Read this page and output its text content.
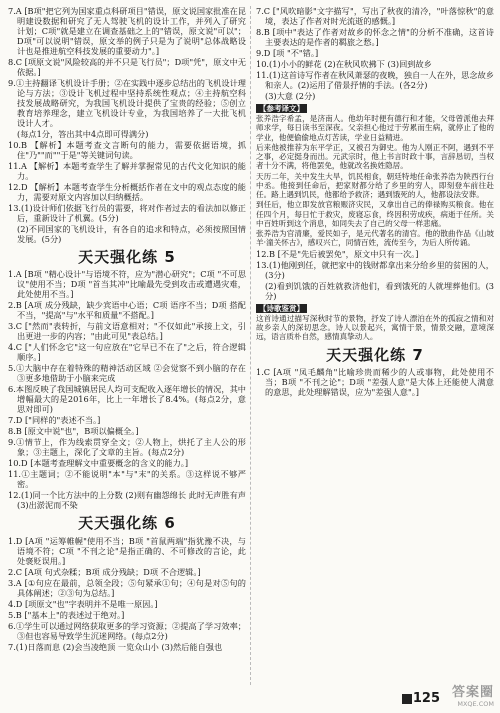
7.A [B项"把它列为国家重点科研项目"错误，原文说国家批准在昆明建设数据和研究了无人驾驶飞机的设计工作，并列入了研究计划；C项"就是建立在调查基础之上的"错误，原文说"可以"；D项"可以说明"错误，原文举的例子只是为了说明"总体战略设计也是推进航空科技发展的重要动力"。]

8.C [项原文说"风险较高的并不只是飞行员"；D项"凭"，原文中无依据。]

9.①主持翻译飞机设计手册；②在实践中逐步总结出的飞机设计理论与方法；③设计飞机过程中坚持系统性观点；④主持航空科技发展战略研究，为我国飞机设计提供了宝贵的经验；⑤创立教育培养理念，建立飞机设计专业，为我国培养了一大批飞机设计人才。

(每点1分，答出其中4点即可得满分)

10.B 【解析】本题考查文言断句的能力，需要依据语境，抓住"乃""而""于是"等关键词句读。

11.A 【解析】本题考查学生了解并掌握常见的古代文化知识的能力。

12.D 【解析】本题考查学生分析概括作者在文中的观点态度的能力，需要对原文内容加以归纳概括。

13.(1)设计师们依据飞行员的需要，将对作者过去的看法加以修正后，重新设计了机翼。(5分)

(2)不同国家的飞机设计，有各自的追求和特点，必须按照国情发展。(5分)

天天强化练 5

1.A [B项 "精心设计"与语境不符，应为"潜心研究"；C项 "不可思议"使用不当；D项 "首当其冲"比喻最先受到攻击或遭遇灾难，此处使用不当。]

2.B [A项 成分残缺，缺少宾语中心语；C项 语序不当；D项 搭配不当，"提高"与"水平和质量"不搭配。]

3.C ["然而"表转折，与前文语意相对；"不仅如此"承接上文，引出更进一步的内容；"由此可见"表总结。]

4.C ["人们怀念它"这一句应放在"它早已不在了"之后，符合逻辑顺序。]

5.①大脑中存在着特殊的精神活动区域 ②会觉察不到小脑的存在 ③更多地借助于小脑来完成

6.本图反映了我国城镇居民人均可支配收入逐年增长的情况，其中增幅最大的是2016年，比上一年增长了8.4%。(每点2分，意思对即可)

7.D ["同样的"表述不当。]

8.B [原文中说"也"，B项以偏概全。]

9.①情节上，作为线索贯穿全文；②人物上，烘托了主人公的形象；③主题上，深化了文章的主旨。(每点2分)

10.D [本题考查理解文中重要概念的含义的能力。]

11.①主题词；②不能说明"本"与"末"的关系。③这样说不够严密。

12.(1)同一个比方法中的上分数 (2)则有幽怨绵长 此时无声胜有声 (3)出淤泥而不染

天天强化练 6

1.D [A项 "运筹帷幄"使用不当；B项 "首鼠两端"指犹豫不决，与语境不符；C项 "不刊之论"是指正确的、不可修改的言论，此处褒贬误用。]

2.C [A项 句式杂糅；B项 成分残缺；D项 不合逻辑。]

3.A [①句应在最前，总领全段；⑤句紧承①句；④句是对⑤句的具体阐述；②③句为总结。]

4.D [项原文"也"字表明并不是唯一原因。]

5.B ["基本上"的表述过于绝对。]

6.①学生可以通过网络获取更多的学习资源；②提高了学习效率；③但也容易导致学生沉迷网络。(每点2分)

7.(1)日落而息 (2)会当凌绝顶 一览众山小 (3)然后能自强也

7.C ["风吹暗影"文字描写"，写出了秋夜的清冷，"叶落惊秋"的意境，表达了作者对时光流逝的感慨。]

8.B [项中"表达了作者对故乡的怀念之情"的分析不准确，这首诗主要表达的是作者的羁旅之愁。]

9.D [项 "不"错。]

10.(1)小小的鲜花 (2)在秋风吹拂下 (3)回到故乡

11.(1)这首诗写作者在秋风萧瑟的夜晚，独自一人在外，思念故乡和亲人。(2)运用了借景抒情的手法。(各2分)

(3)大意 (2分)

【参考译文】

张养浩字希孟，是济南人。他幼年时便有德行和才能，父母曾派他去拜师求学，每日读书至深夜。父亲担心他过于劳累而生病，就停止了他的学业，他便偷偷地点灯苦读，学业日益精进。

后来他被推荐为东平学正，又被召为御史。他为人刚正不阿，遇到不平之事，必定挺身而出。元武宗时，他上书言时政十事，言辞恳切，当权者十分不满，将他罢免，他就改名换姓隐居。

天历二年，关中发生大旱，饥民相食，朝廷特地任命张养浩为陕西行台中丞。他接到任命后，把家财都分给了乡里的穷人，即刻登车前往赴任。路上遇到饥民，他都给予救济；遇到饿死的人，他都设法安葬。

到任后，他立即发放官粮赈济灾民，又拿出自己的俸禄购买粮食。他在任四个月，每日忙于救灾，废寝忘食，终因积劳成疾，病逝于任所。关中百姓听到这个消息，如同失去了自己的父母一样悲痛。

张养浩为官清廉，爱民如子，是元代著名的清官。他的散曲作品《山坡羊·潼关怀古》，感叹兴亡，同情百姓，流传至今，为后人所传诵。

12.B [不是"先后被罢免"，原文中只有一次。]

13.(1)他刚到任，就把家中的钱财都拿出来分给乡里的贫困的人，(3分)

(2)看到饥饿的百姓就救济他们，看到饿死的人就埋葬他们。(3分)

【诗歌鉴赏】

这首诗通过描写深秋时节的景物，抒发了诗人漂泊在外的孤寂之情和对故乡亲人的深切思念。诗人以景起兴，寓情于景，情景交融，意境深远，语言质朴自然，感情真挚动人。

天天强化练 7

1.C [A项 "凤毛麟角"比喻珍贵而稀少的人或事物，此处使用不当；B项 "不刊之论"；D项 "差强人意"是大体上还能使人满意的意思，此处理解错误，应为"差强人意"。]

125 答案圈
MXQE.COM
